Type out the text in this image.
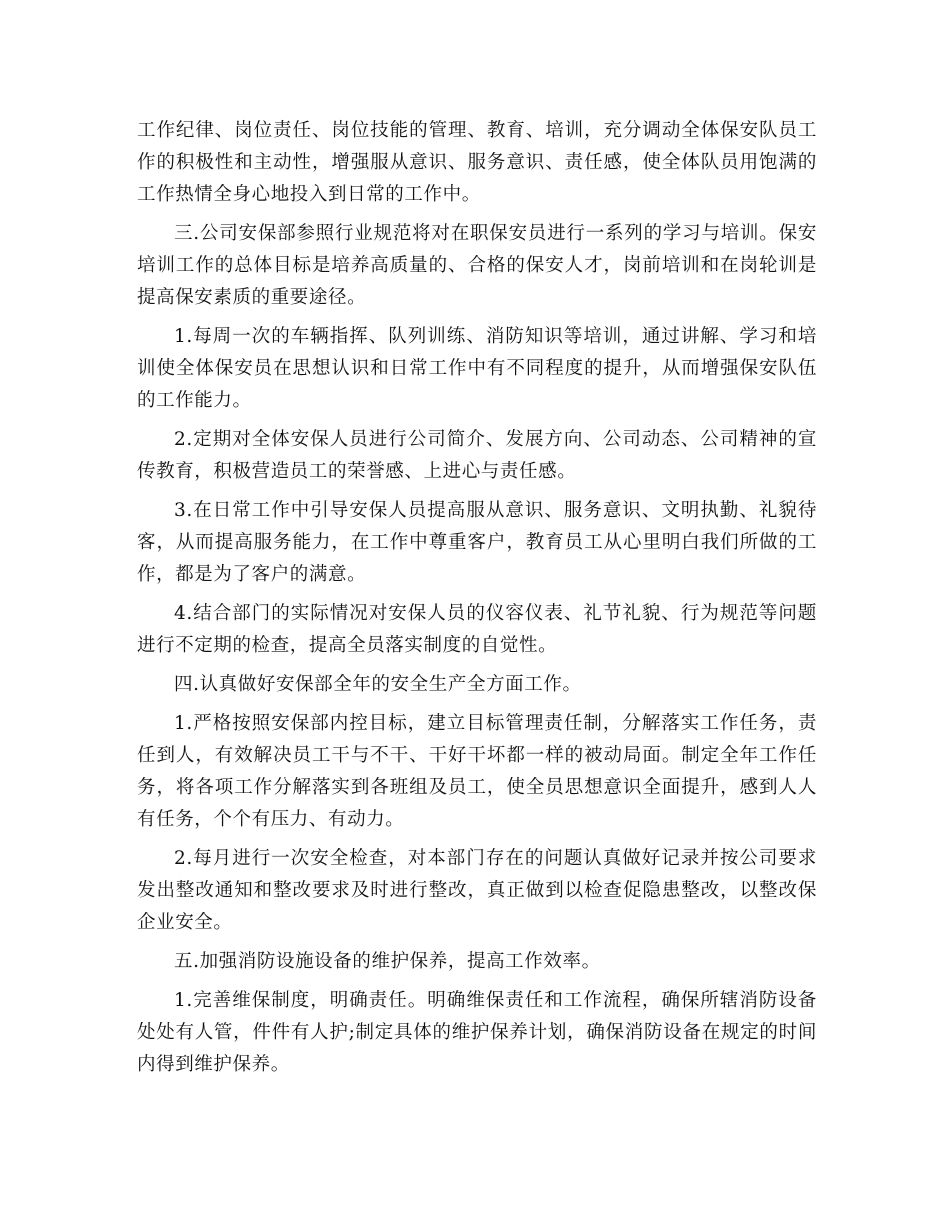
工作纪律、岗位责任、岗位技能的管理、教育、培训，充分调动全体保安队员工作的积极性和主动性，增强服从意识、服务意识、责任感，使全体队员用饱满的工作热情全身心地投入到日常的工作中。

三.公司安保部参照行业规范将对在职保安员进行一系列的学习与培训。保安培训工作的总体目标是培养高质量的、合格的保安人才，岗前培训和在岗轮训是提高保安素质的重要途径。

1.每周一次的车辆指挥、队列训练、消防知识等培训，通过讲解、学习和培训使全体保安员在思想认识和日常工作中有不同程度的提升，从而增强保安队伍的工作能力。

2.定期对全体安保人员进行公司简介、发展方向、公司动态、公司精神的宣传教育，积极营造员工的荣誉感、上进心与责任感。

3.在日常工作中引导安保人员提高服从意识、服务意识、文明执勤、礼貌待客，从而提高服务能力，在工作中尊重客户，教育员工从心里明白我们所做的工作，都是为了客户的满意。

4.结合部门的实际情况对安保人员的仪容仪表、礼节礼貌、行为规范等问题进行不定期的检查，提高全员落实制度的自觉性。

四.认真做好安保部全年的安全生产全方面工作。

1.严格按照安保部内控目标，建立目标管理责任制，分解落实工作任务，责任到人，有效解决员工干与不干、干好干坏都一样的被动局面。制定全年工作任务，将各项工作分解落实到各班组及员工，使全员思想意识全面提升，感到人人有任务，个个有压力、有动力。

2.每月进行一次安全检查，对本部门存在的问题认真做好记录并按公司要求发出整改通知和整改要求及时进行整改，真正做到以检查促隐患整改，以整改保企业安全。

五.加强消防设施设备的维护保养，提高工作效率。

1.完善维保制度，明确责任。明确维保责任和工作流程，确保所辖消防设备处处有人管，件件有人护;制定具体的维护保养计划，确保消防设备在规定的时间内得到维护保养。
